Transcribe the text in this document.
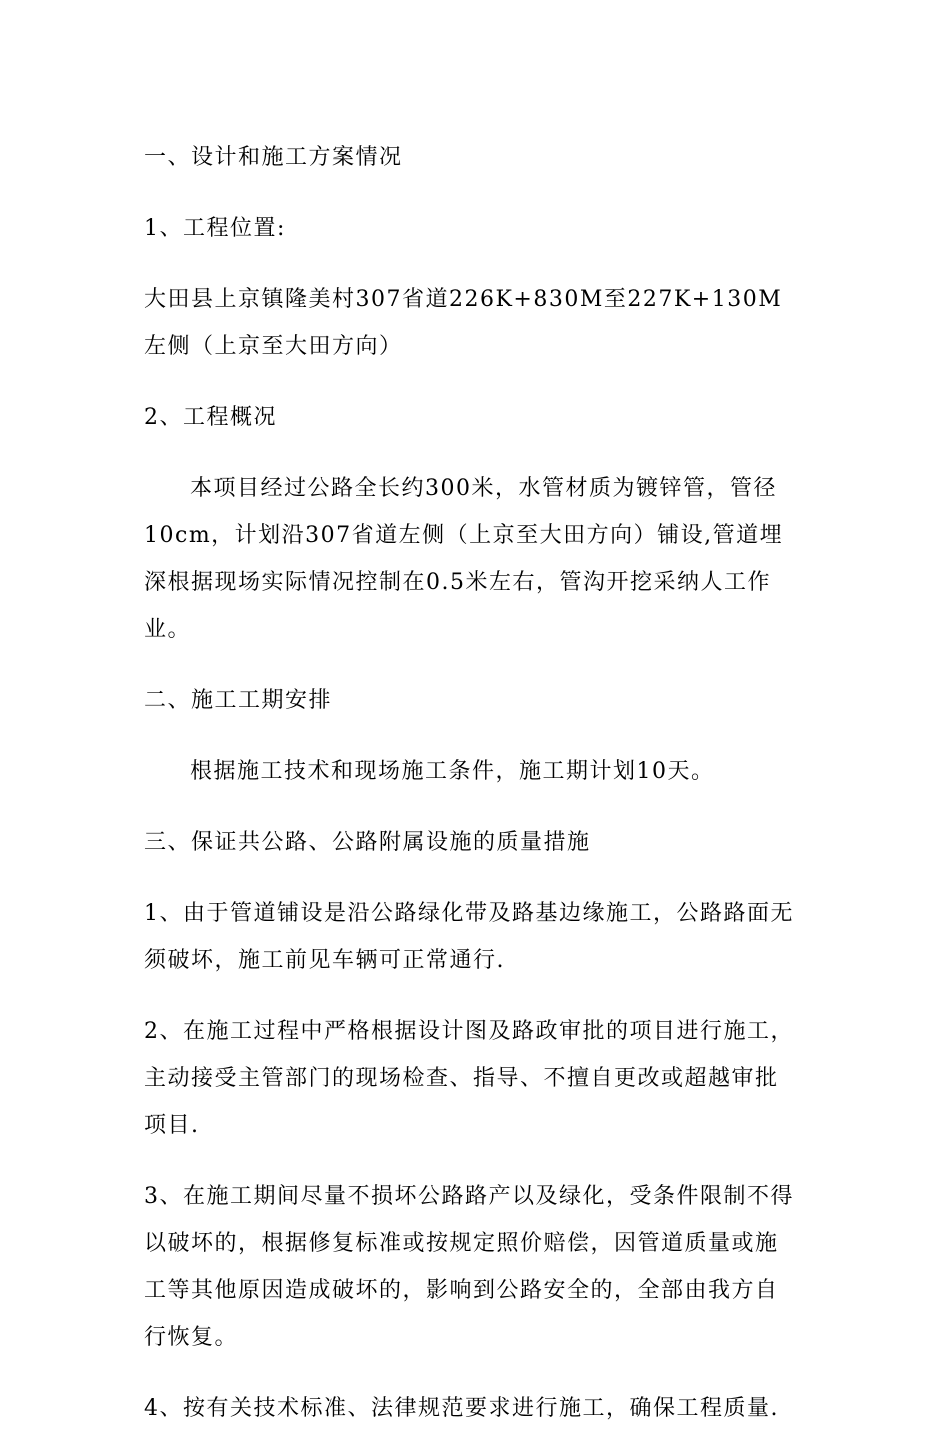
一、设计和施工方案情况

1、工程位置:

大田县上京镇隆美村307省道226K+830M至227K+130M左侧（上京至大田方向）

2、工程概况

本项目经过公路全长约300米，水管材质为镀锌管，管径10cm，计划沿307省道左侧（上京至大田方向）铺设,管道埋深根据现场实际情况控制在0.5米左右，管沟开挖采纳人工作业。

二、施工工期安排

根据施工技术和现场施工条件，施工期计划10天。

三、保证共公路、公路附属设施的质量措施

1、由于管道铺设是沿公路绿化带及路基边缘施工，公路路面无须破坏，施工前见车辆可正常通行.

2、在施工过程中严格根据设计图及路政审批的项目进行施工，主动接受主管部门的现场检查、指导、不擅自更改或超越审批项目.

3、在施工期间尽量不损坏公路路产以及绿化，受条件限制不得以破坏的，根据修复标准或按规定照价赔偿，因管道质量或施工等其他原因造成破坏的，影响到公路安全的，全部由我方自行恢复。

4、按有关技术标准、法律规范要求进行施工，确保工程质量.
